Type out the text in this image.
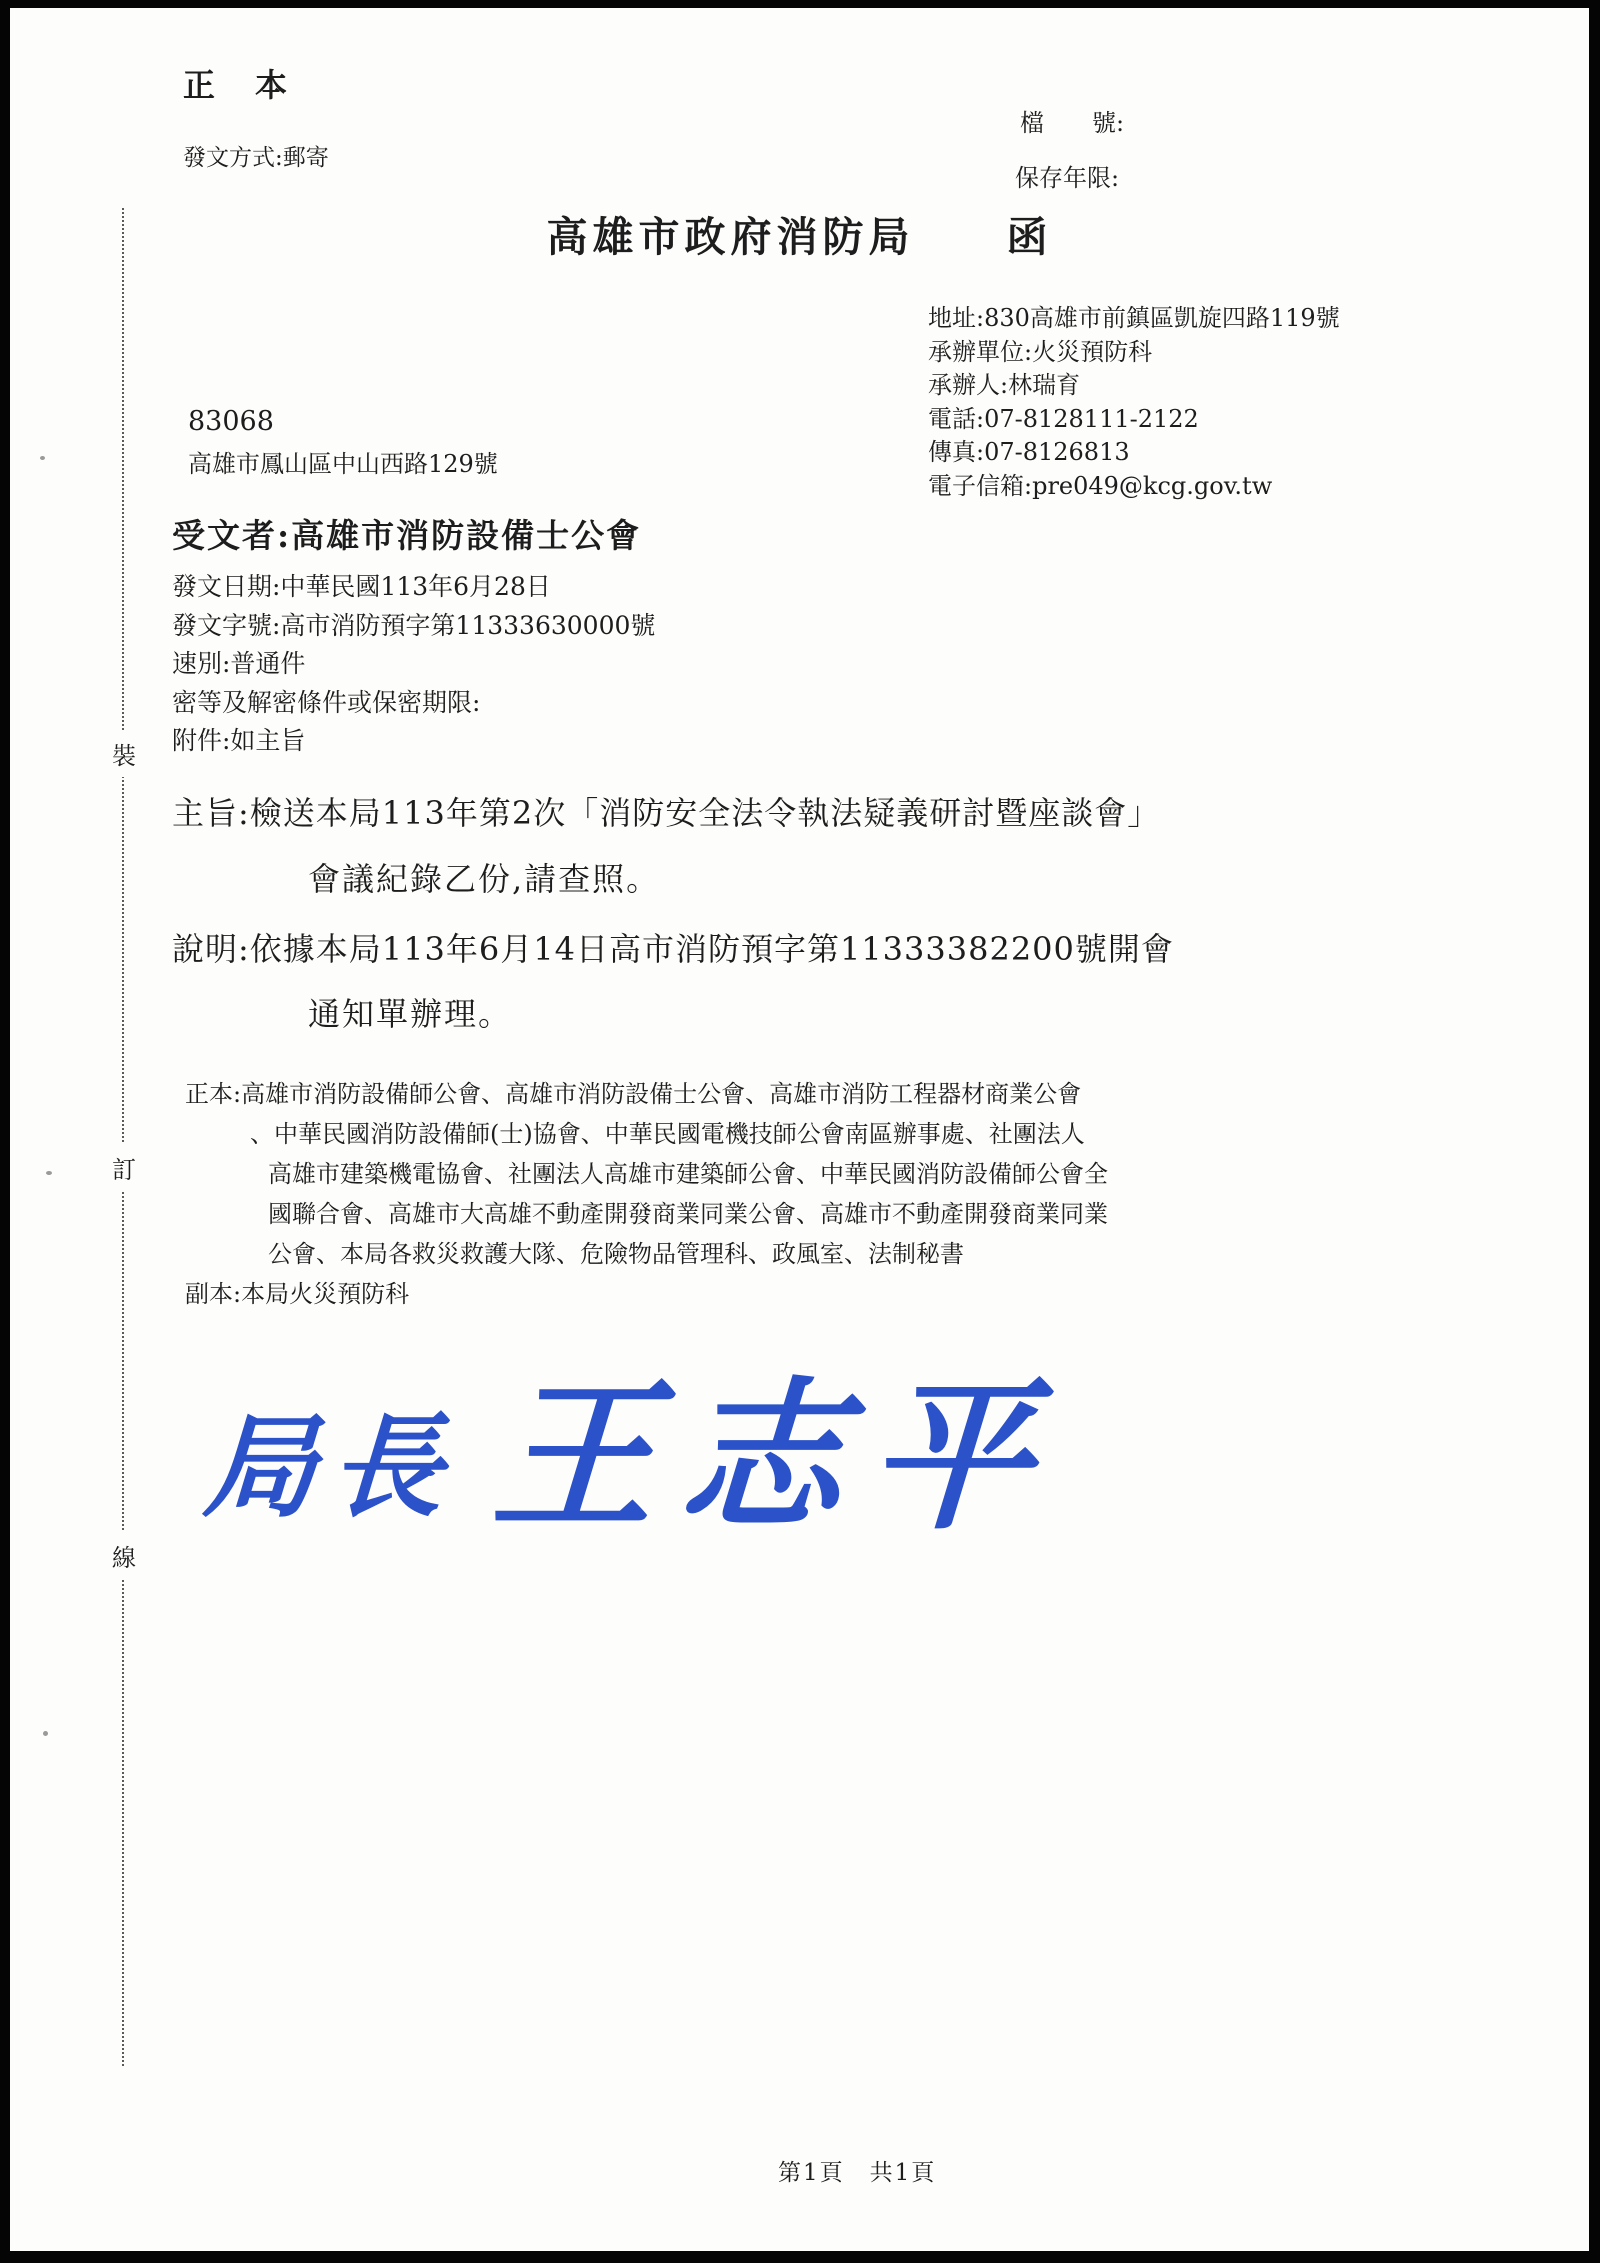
正　本
發文方式:郵寄
檔　　號:
保存年限:
高雄市政府消防局　　函
地址:830高雄市前鎮區凱旋四路119號
承辦單位:火災預防科
承辦人:林瑞育
電話:07-8128111-2122
傳真:07-8126813
電子信箱:pre049@kcg.gov.tw
83068
高雄市鳳山區中山西路129號
受文者:高雄市消防設備士公會
發文日期:中華民國113年6月28日
發文字號:高市消防預字第11333630000號
速別:普通件
密等及解密條件或保密期限:
附件:如主旨
主旨:檢送本局113年第2次「消防安全法令執法疑義研討暨座談會」
會議紀錄乙份,請查照。
說明:依據本局113年6月14日高市消防預字第11333382200號開會
通知單辦理。
正本:高雄市消防設備師公會、高雄市消防設備士公會、高雄市消防工程器材商業公會
、中華民國消防設備師(士)協會、中華民國電機技師公會南區辦事處、社團法人
高雄市建築機電協會、社團法人高雄市建築師公會、中華民國消防設備師公會全
國聯合會、高雄市大高雄不動產開發商業同業公會、高雄市不動產開發商業同業
公會、本局各救災救護大隊、危險物品管理科、政風室、法制秘書
副本:本局火災預防科
局長 王志平
裝
訂
線
第1頁　共1頁
